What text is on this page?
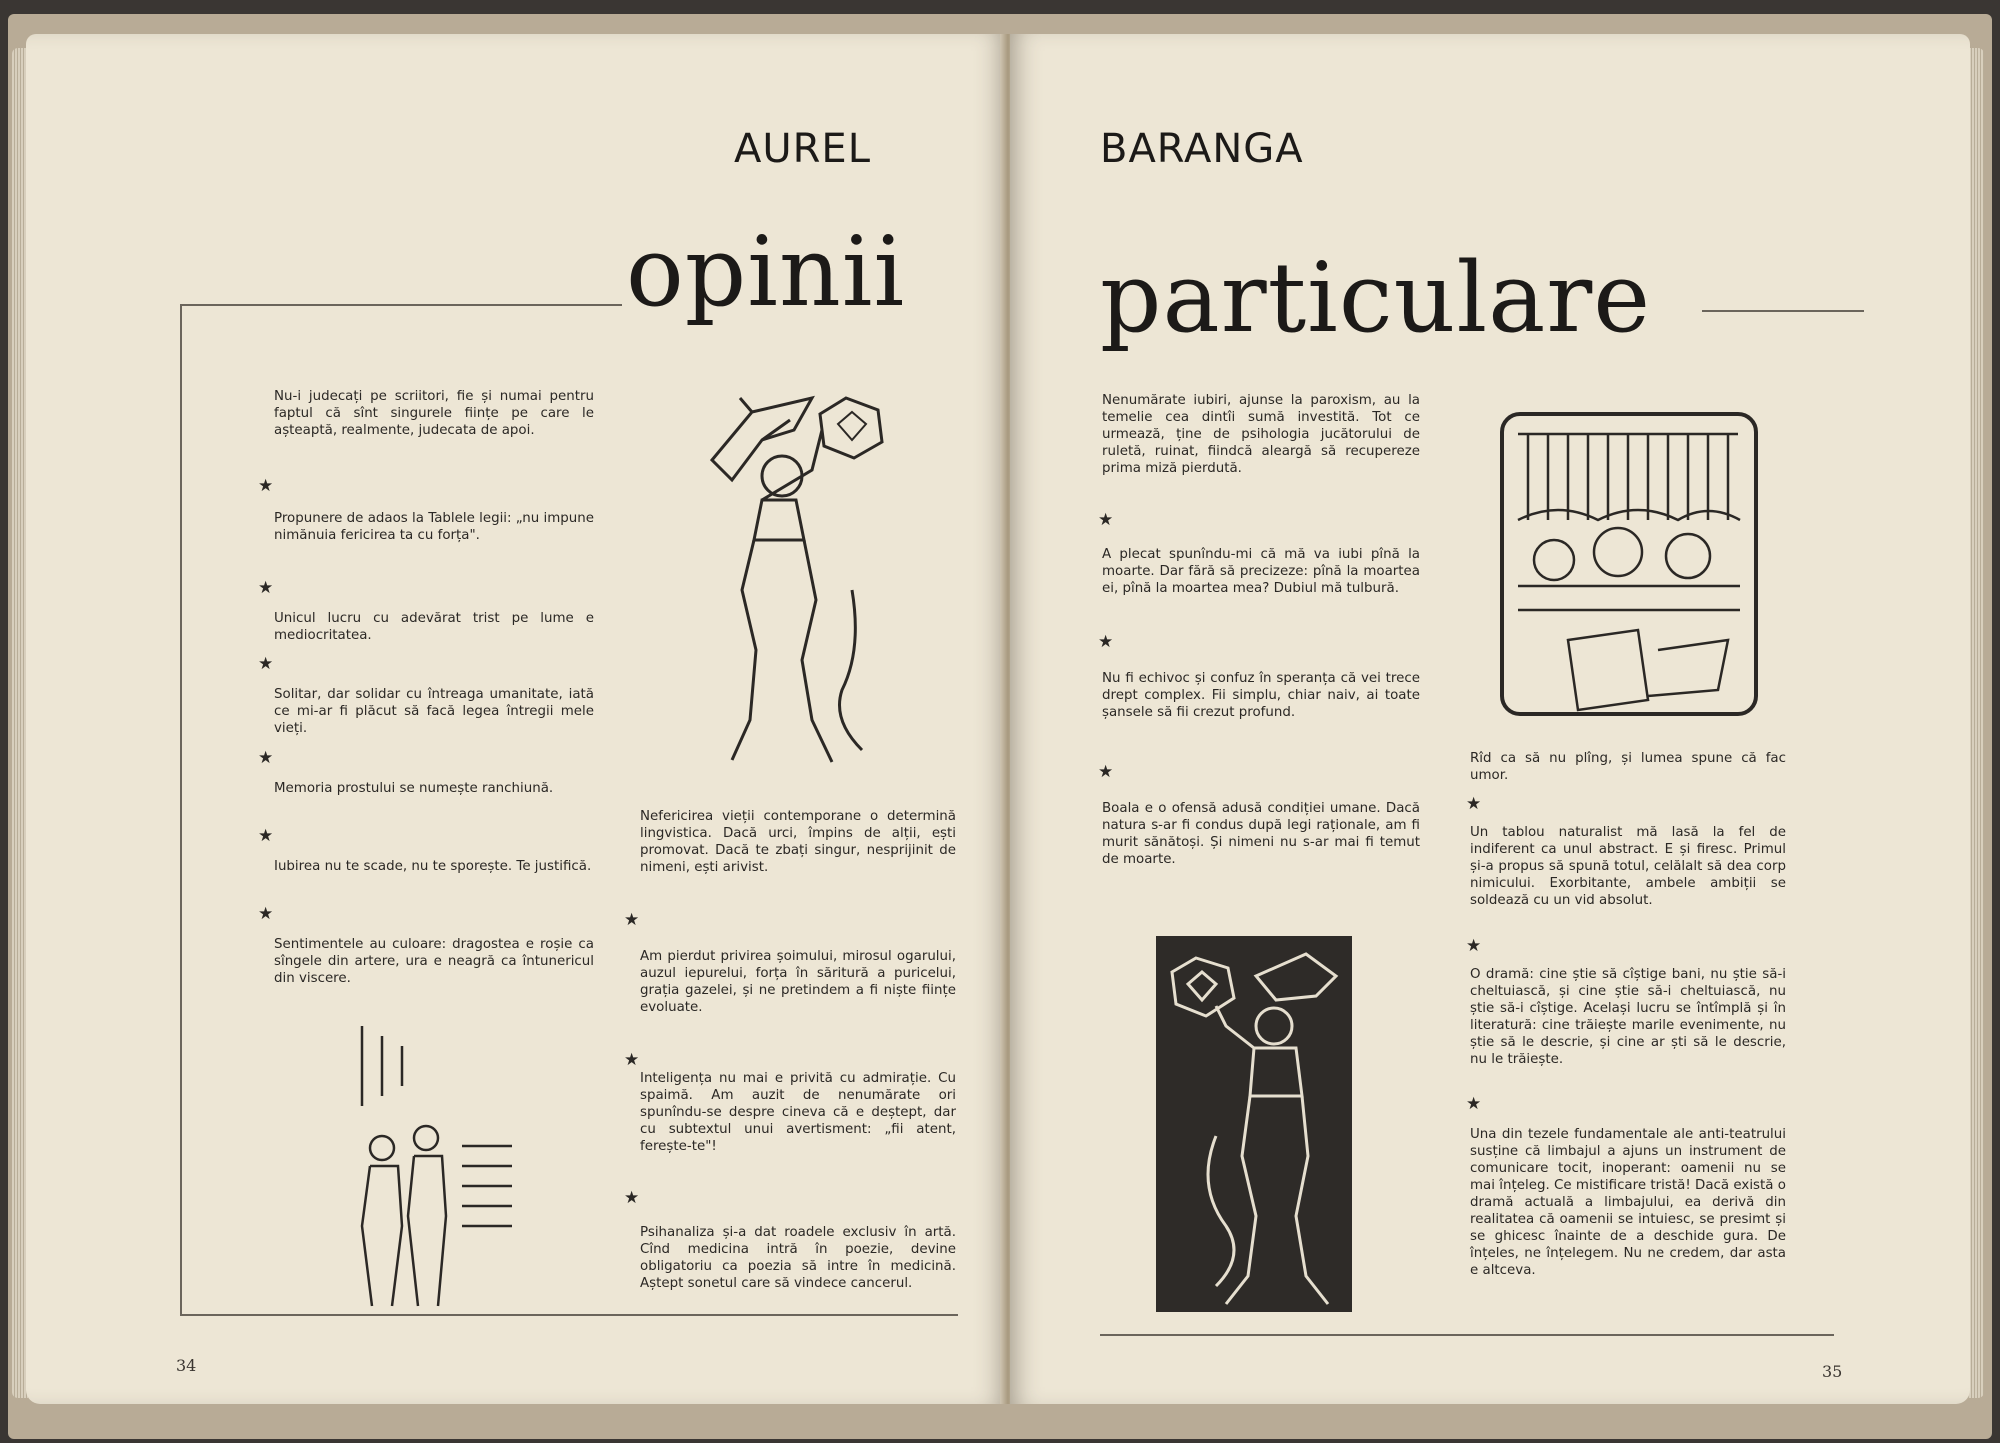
AUREL
opinii

Nu-i judecați pe scriitori, fie și numai pentru faptul că sînt singurele ființe pe care le așteaptă, realmente, judecata de apoi.

★

Propunere de adaos la Tablele legii: „nu impune nimănuia fericirea ta cu forța".

★

Unicul lucru cu adevărat trist pe lume e mediocritatea.

★

Solitar, dar solidar cu întreaga umanitate, iată ce mi-ar fi plăcut să facă legea întregii mele vieți.

★

Memoria prostului se numește ranchiună.

★

Iubirea nu te scade, nu te sporește. Te justifică.

★

Sentimentele au culoare: dragostea e roșie ca sîngele din artere, ura e neagră ca întunericul din viscere.

Nefericirea vieții contemporane o determină lingvistica. Dacă urci, împins de alții, ești promovat. Dacă te zbați singur, nesprijinit de nimeni, ești arivist.

★

Am pierdut privirea șoimului, mirosul ogarului, auzul iepurelui, forța în săritură a puricelui, grația gazelei, și ne pretindem a fi niște ființe evoluate.

★

Inteligența nu mai e privită cu admirație. Cu spaimă. Am auzit de nenumărate ori spunîndu-se despre cineva că e deștept, dar cu subtextul unui avertisment: „fii atent, ferește-te"!

★

Psihanaliza și-a dat roadele exclusiv în artă. Cînd medicina intră în poezie, devine obligatoriu ca poezia să intre în medicină. Aștept sonetul care să vindece cancerul.

34
BARANGA
particulare

Nenumărate iubiri, ajunse la paroxism, au la temelie cea dintîi sumă investită. Tot ce urmează, ține de psihologia jucătorului de ruletă, ruinat, fiindcă aleargă să recupereze prima miză pierdută.

★

A plecat spunîndu-mi că mă va iubi pînă la moarte. Dar fără să precizeze: pînă la moartea ei, pînă la moartea mea? Dubiul mă tulbură.

★

Nu fi echivoc și confuz în speranța că vei trece drept complex. Fii simplu, chiar naiv, ai toate șansele să fii crezut profund.

★

Boala e o ofensă adusă condiției umane. Dacă natura s-ar fi condus după legi raționale, am fi murit sănătoși. Și nimeni nu s-ar mai fi temut de moarte.

Rîd ca să nu plîng, și lumea spune că fac umor.

★

Un tablou naturalist mă lasă la fel de indiferent ca unul abstract. E și firesc. Primul și-a propus să spună totul, celălalt să dea corp nimicului. Exorbitante, ambele ambiții se soldează cu un vid absolut.

★

O dramă: cine știe să cîștige bani, nu știe să-i cheltuiască, și cine știe să-i cheltuiască, nu știe să-i cîștige. Același lucru se întîmplă și în literatură: cine trăiește marile evenimente, nu știe să le descrie, și cine ar ști să le descrie, nu le trăiește.

★

Una din tezele fundamentale ale anti-teatrului susține că limbajul a ajuns un instrument de comunicare tocit, inoperant: oamenii nu se mai înțeleg. Ce mistificare tristă! Dacă există o dramă actuală a limbajului, ea derivă din realitatea că oamenii se intuiesc, se presimt și se ghicesc înainte de a deschide gura. De înțeles, ne înțelegem. Nu ne credem, dar asta e altceva.

35
